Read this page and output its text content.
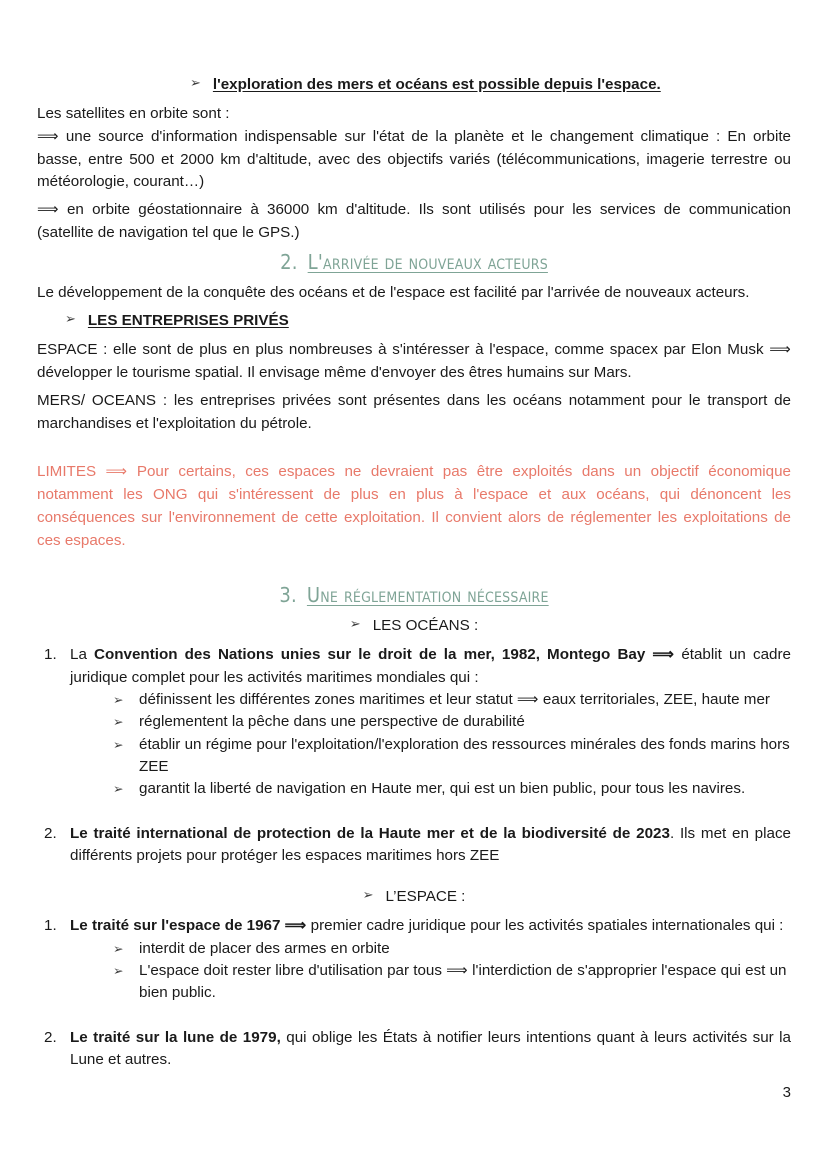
➢ l'exploration des mers et océans est possible depuis l'espace.

Les satellites en orbite sont :

⟹ une source d'information indispensable sur l'état de la planète et le changement climatique : En orbite basse, entre 500 et 2000 km d'altitude, avec des objectifs variés (télécommunications, imagerie terrestre ou météorologie, courant…)

⟹ en orbite géostationnaire à 36000 km d'altitude. Ils sont utilisés pour les services de communication (satellite de navigation tel que le GPS.)

2. L'arrivée de nouveaux acteurs

Le développement de la conquête des océans et de l'espace est facilité par l'arrivée de nouveaux acteurs.

➢ LES ENTREPRISES PRIVÉS

ESPACE : elle sont de plus en plus nombreuses à s'intéresser à l'espace, comme spacex par Elon Musk ⟹ développer le tourisme spatial. Il envisage même d'envoyer des êtres humains sur Mars.

MERS/ OCEANS : les entreprises privées sont présentes dans les océans notamment pour le transport de marchandises et l'exploitation du pétrole.

LIMITES ⟹ Pour certains, ces espaces ne devraient pas être exploités dans un objectif économique notamment les ONG qui s'intéressent de plus en plus à l'espace et aux océans, qui dénoncent les conséquences sur l'environnement de cette exploitation. Il convient alors de réglementer les exploitations de ces espaces.

3. Une réglementation nécessaire
➢ LES OCÉANS :
1. La Convention des Nations unies sur le droit de la mer, 1982, Montego Bay ⟹ établit un cadre juridique complet pour les activités maritimes mondiales qui :
➢ définissent les différentes zones maritimes et leur statut ⟹ eaux territoriales, ZEE, haute mer
➢ réglementent la pêche dans une perspective de durabilité
➢ établir un régime pour l'exploitation/l'exploration des ressources minérales des fonds marins hors ZEE
➢ garantit la liberté de navigation en Haute mer, qui est un bien public, pour tous les navires.
2. Le traité international de protection de la Haute mer et de la biodiversité de 2023. Ils met en place différents projets pour protéger les espaces maritimes hors ZEE
➢ L’ESPACE :
1. Le traité sur l'espace de 1967 ⟹ premier cadre juridique pour les activités spatiales internationales qui :
➢ interdit de placer des armes en orbite
➢ L'espace doit rester libre d'utilisation par tous ⟹ l'interdiction de s'approprier l'espace qui est un bien public.
2. Le traité sur la lune de 1979, qui oblige les États à notifier leurs intentions quant à leurs activités sur la Lune et autres.
3
